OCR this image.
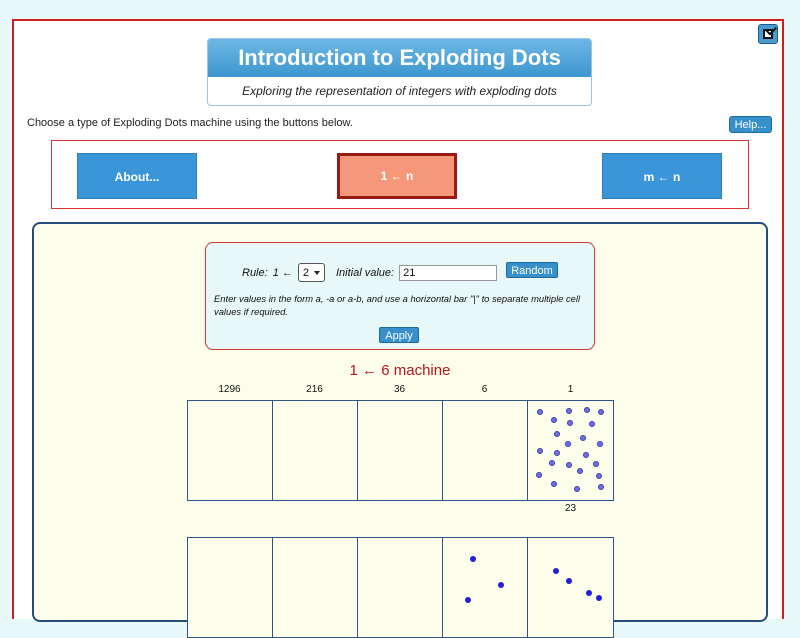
Introduction to Exploding Dots
Exploring the representation of integers with exploding dots
Choose a type of Exploding Dots machine using the buttons below.	Help...
About...	1 ← n	m ← n
Rule: 1 ← 2 Initial value: 21	Random
Enter values in the form a, -a or a-b, and use a horizontal bar "|" to separate multiple cell values if required.
Apply
1 ← 6 machine
1296	216	36	6	1
23
